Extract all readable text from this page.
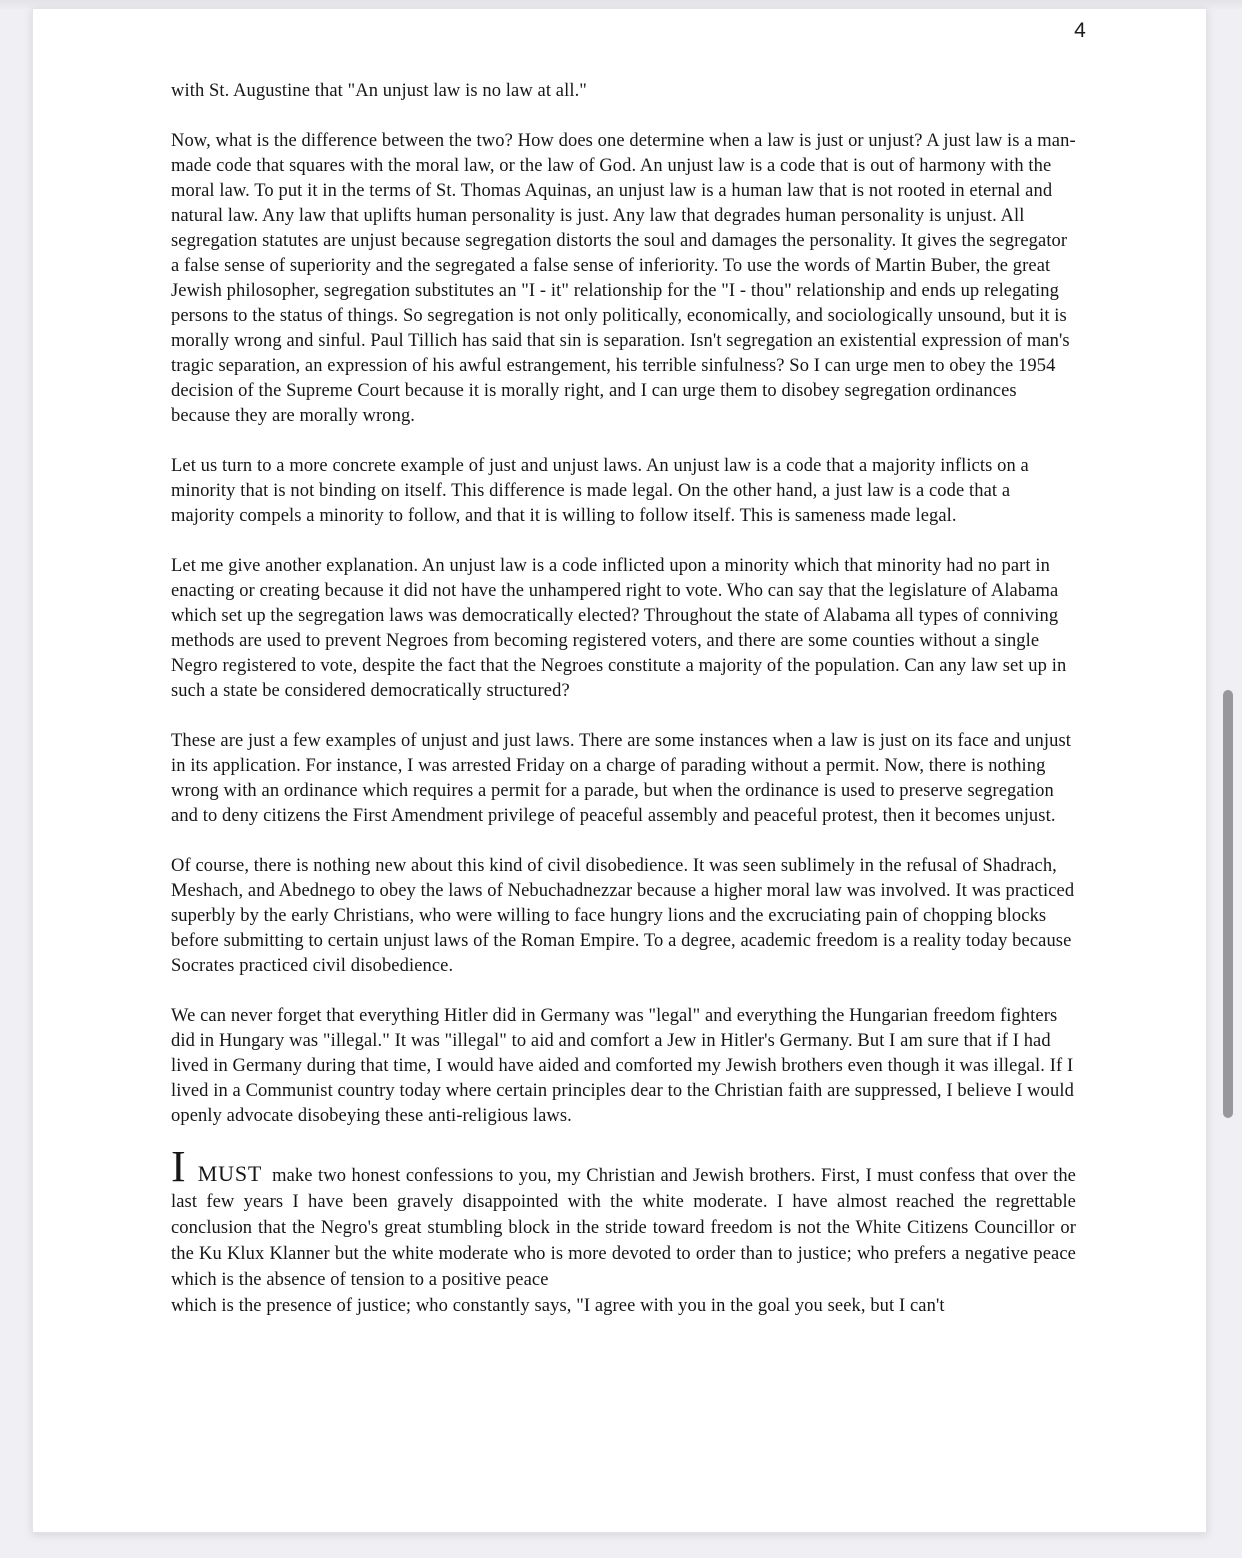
4

with St. Augustine that "An unjust law is no law at all."

Now, what is the difference between the two? How does one determine when a law is just or unjust? A just law is a man-made code that squares with the moral law, or the law of God. An unjust law is a code that is out of harmony with the moral law. To put it in the terms of St. Thomas Aquinas, an unjust law is a human law that is not rooted in eternal and natural law. Any law that uplifts human personality is just. Any law that degrades human personality is unjust. All segregation statutes are unjust because segregation distorts the soul and damages the personality. It gives the segregator a false sense of superiority and the segregated a false sense of inferiority. To use the words of Martin Buber, the great Jewish philosopher, segregation substitutes an "I - it" relationship for the "I - thou" relationship and ends up relegating persons to the status of things. So segregation is not only politically, economically, and sociologically unsound, but it is morally wrong and sinful. Paul Tillich has said that sin is separation. Isn't segregation an existential expression of man's tragic separation, an expression of his awful estrangement, his terrible sinfulness? So I can urge men to obey the 1954 decision of the Supreme Court because it is morally right, and I can urge them to disobey segregation ordinances because they are morally wrong.

Let us turn to a more concrete example of just and unjust laws. An unjust law is a code that a majority inflicts on a minority that is not binding on itself. This difference is made legal. On the other hand, a just law is a code that a majority compels a minority to follow, and that it is willing to follow itself. This is sameness made legal.

Let me give another explanation. An unjust law is a code inflicted upon a minority which that minority had no part in enacting or creating because it did not have the unhampered right to vote. Who can say that the legislature of Alabama which set up the segregation laws was democratically elected? Throughout the state of Alabama all types of conniving methods are used to prevent Negroes from becoming registered voters, and there are some counties without a single Negro registered to vote, despite the fact that the Negroes constitute a majority of the population. Can any law set up in such a state be considered democratically structured?

These are just a few examples of unjust and just laws. There are some instances when a law is just on its face and unjust in its application. For instance, I was arrested Friday on a charge of parading without a permit. Now, there is nothing wrong with an ordinance which requires a permit for a parade, but when the ordinance is used to preserve segregation and to deny citizens the First Amendment privilege of peaceful assembly and peaceful protest, then it becomes unjust.

Of course, there is nothing new about this kind of civil disobedience. It was seen sublimely in the refusal of Shadrach, Meshach, and Abednego to obey the laws of Nebuchadnezzar because a higher moral law was involved. It was practiced superbly by the early Christians, who were willing to face hungry lions and the excruciating pain of chopping blocks before submitting to certain unjust laws of the Roman Empire. To a degree, academic freedom is a reality today because Socrates practiced civil disobedience.

We can never forget that everything Hitler did in Germany was "legal" and everything the Hungarian freedom fighters did in Hungary was "illegal." It was "illegal" to aid and comfort a Jew in Hitler's Germany. But I am sure that if I had lived in Germany during that time, I would have aided and comforted my Jewish brothers even though it was illegal. If I lived in a Communist country today where certain principles dear to the Christian faith are suppressed, I believe I would openly advocate disobeying these anti-religious laws.

IMUST make two honest confessions to you, my Christian and Jewish brothers. First, I must confess that over the last few years I have been gravely disappointed with the white moderate. I have almost reached the regrettable conclusion that the Negro's great stumbling block in the stride toward freedom is not the White Citizens Councillor or the Ku Klux Klanner but the white moderate who is more devoted to order than to justice; who prefers a negative peace which is the absence of tension to a positive peace
which is the presence of justice; who constantly says, "I agree with you in the goal you seek, but I can't
